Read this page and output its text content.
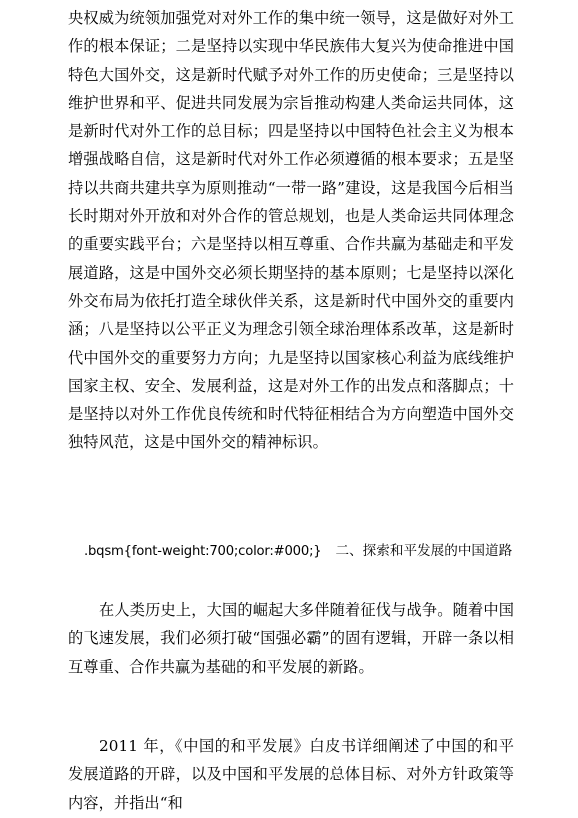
央权威为统领加强党对对外工作的集中统一领导，这是做好对外工作的根本保证；二是坚持以实现中华民族伟大复兴为使命推进中国特色大国外交，这是新时代赋予对外工作的历史使命；三是坚持以维护世界和平、促进共同发展为宗旨推动构建人类命运共同体，这是新时代对外工作的总目标；四是坚持以中国特色社会主义为根本增强战略自信，这是新时代对外工作必须遵循的根本要求；五是坚持以共商共建共享为原则推动“一带一路”建设，这是我国今后相当长时期对外开放和对外合作的管总规划，也是人类命运共同体理念的重要实践平台；六是坚持以相互尊重、合作共赢为基础走和平发展道路，这是中国外交必须长期坚持的基本原则；七是坚持以深化外交布局为依托打造全球伙伴关系，这是新时代中国外交的重要内涵；八是坚持以公平正义为理念引领全球治理体系改革，这是新时代中国外交的重要努力方向；九是坚持以国家核心利益为底线维护国家主权、安全、发展利益，这是对外工作的出发点和落脚点；十是坚持以对外工作优良传统和时代特征相结合为方向塑造中国外交独特风范，这是中国外交的精神标识。

.bqsm{font-weight:700;color:#000;} 二、探索和平发展的中国道路

在人类历史上，大国的崛起大多伴随着征伐与战争。随着中国的飞速发展，我们必须打破“国强必霸”的固有逻辑，开辟一条以相互尊重、合作共赢为基础的和平发展的新路。

2011 年，《中国的和平发展》白皮书详细阐述了中国的和平发展道路的开辟，以及中国和平发展的总体目标、对外方针政策等内容，并指出“和
